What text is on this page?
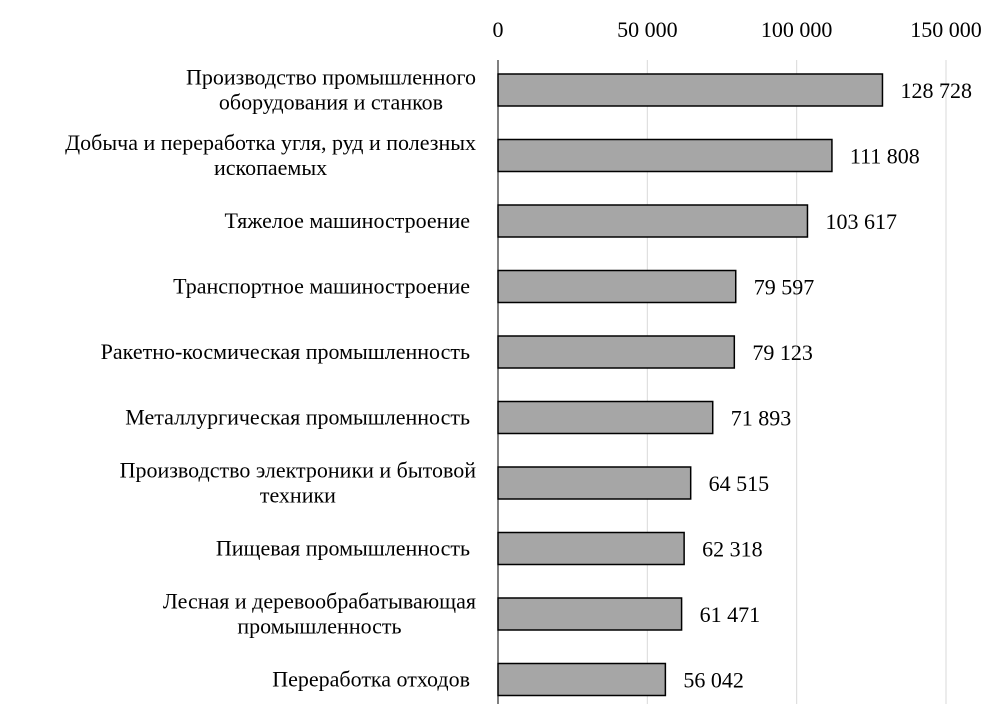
0	50 000	100 000	150 000
Производство промышленного
оборудования и станков
Добыча и переработка угля, руд и полезных
ископаемых
Тяжелое машиностроение
Транспортное машиностроение
Ракетно-космическая промышленность
Металлургическая промышленность
Производство электроники и бытовой
техники
Пищевая промышленность
Лесная и деревообрабатывающая
промышленность
Переработка отходов
128 728
111 808
103 617
79 597
79 123
71 893
64 515
62 318
61 471
56 042
